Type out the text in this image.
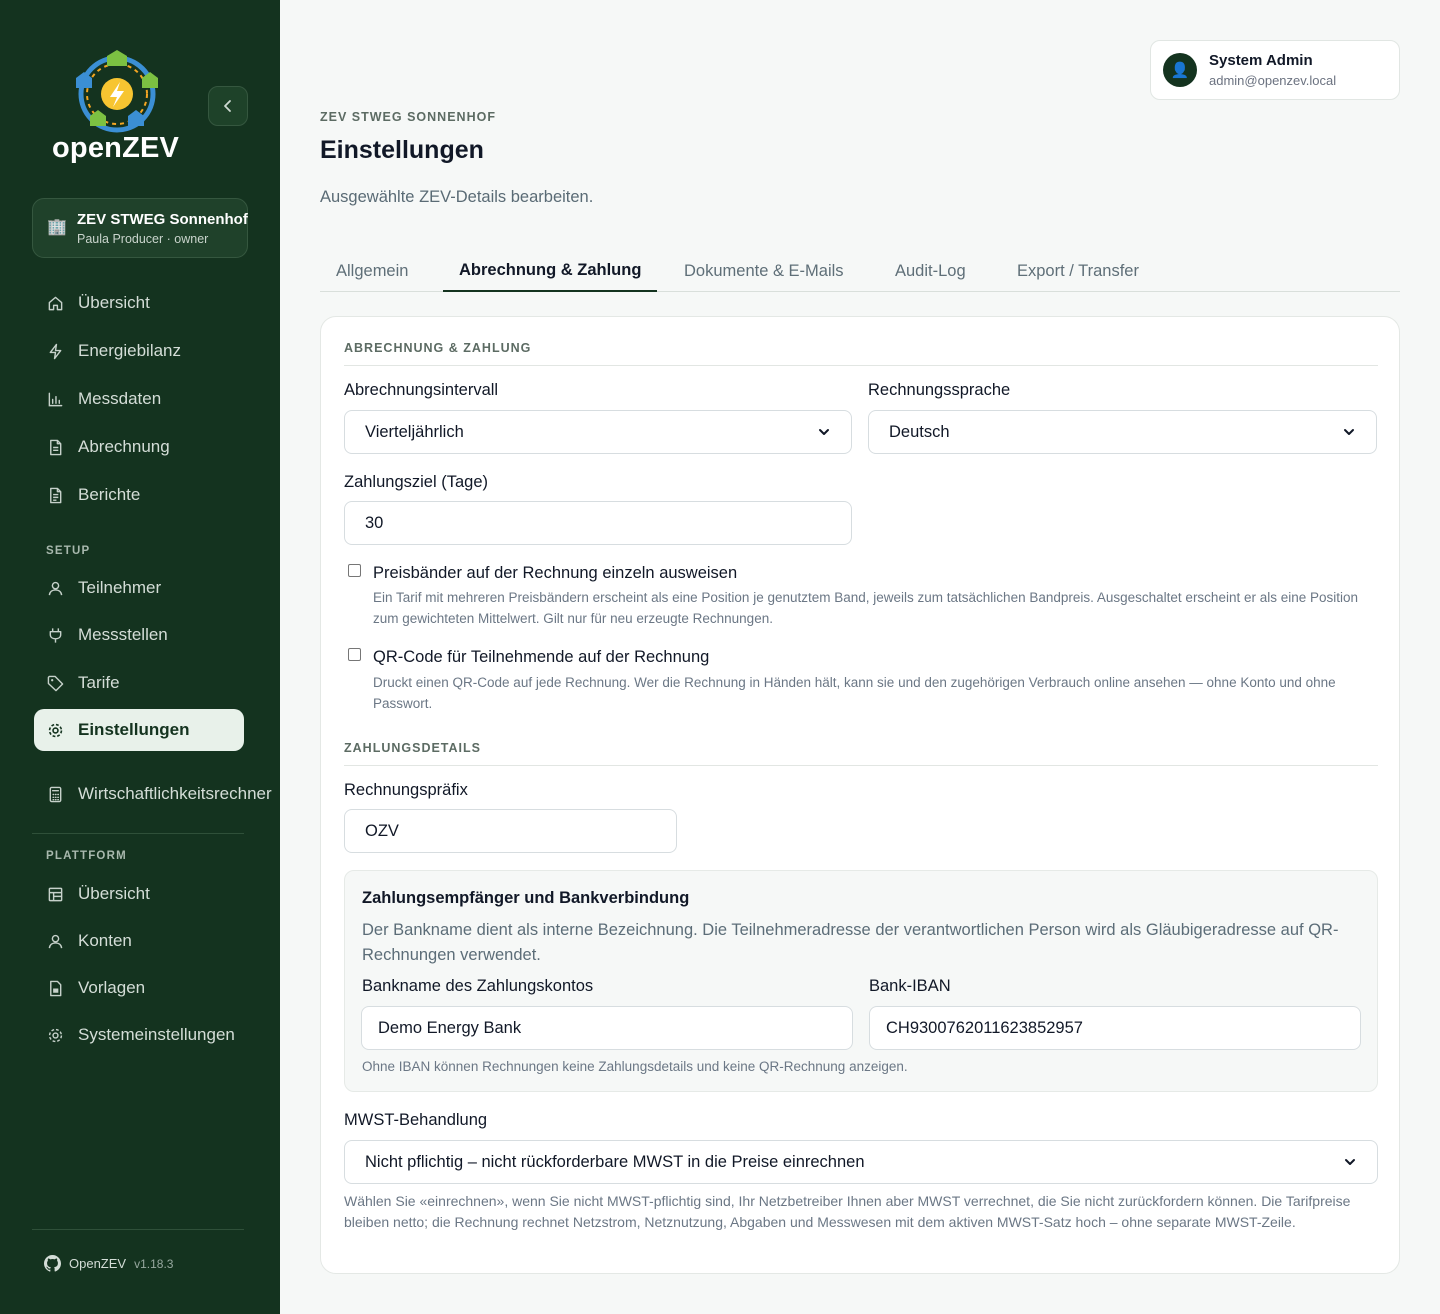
openZEV
🏢 ZEV STWEG Sonnenhof
Paula Producer · owner
Übersicht
Energiebilanz
Messdaten
Abrechnung
Berichte
SETUP
Teilnehmer
Messstellen
Tarife
Einstellungen
Wirtschaftlichkeitsrechner
PLATTFORM
Übersicht
Konten
Vorlagen
Systemeinstellungen
OpenZEV v1.18.3
👤
System Admin
admin@openzev.local
ZEV STWEG SONNENHOF
Einstellungen
Ausgewählte ZEV-Details bearbeiten.
Allgemein	Abrechnung & Zahlung	Dokumente & E-Mails	Audit-Log	Export / Transfer
ABRECHNUNG & ZAHLUNG
Abrechnungsintervall
Vierteljährlich
Rechnungssprache
Deutsch
Zahlungsziel (Tage)
30
Preisbänder auf der Rechnung einzeln ausweisen
Ein Tarif mit mehreren Preisbändern erscheint als eine Position je genutztem Band, jeweils zum tatsächlichen Bandpreis. Ausgeschaltet erscheint er als eine Position zum gewichteten Mittelwert. Gilt nur für neu erzeugte Rechnungen.
QR-Code für Teilnehmende auf der Rechnung
Druckt einen QR-Code auf jede Rechnung. Wer die Rechnung in Händen hält, kann sie und den zugehörigen Verbrauch online ansehen — ohne Konto und ohne Passwort.
ZAHLUNGSDETAILS
Rechnungspräfix
OZV
Zahlungsempfänger und Bankverbindung
Der Bankname dient als interne Bezeichnung. Die Teilnehmeradresse der verantwortlichen Person wird als Gläubigeradresse auf QR-Rechnungen verwendet.
Bankname des Zahlungskontos
Demo Energy Bank
Bank-IBAN
CH9300762011623852957
Ohne IBAN können Rechnungen keine Zahlungsdetails und keine QR-Rechnung anzeigen.
MWST-Behandlung
Nicht pflichtig – nicht rückforderbare MWST in die Preise einrechnen
Wählen Sie «einrechnen», wenn Sie nicht MWST-pflichtig sind, Ihr Netzbetreiber Ihnen aber MWST verrechnet, die Sie nicht zurückfordern können. Die Tarifpreise bleiben netto; die Rechnung rechnet Netzstrom, Netznutzung, Abgaben und Messwesen mit dem aktiven MWST-Satz hoch – ohne separate MWST-Zeile.
